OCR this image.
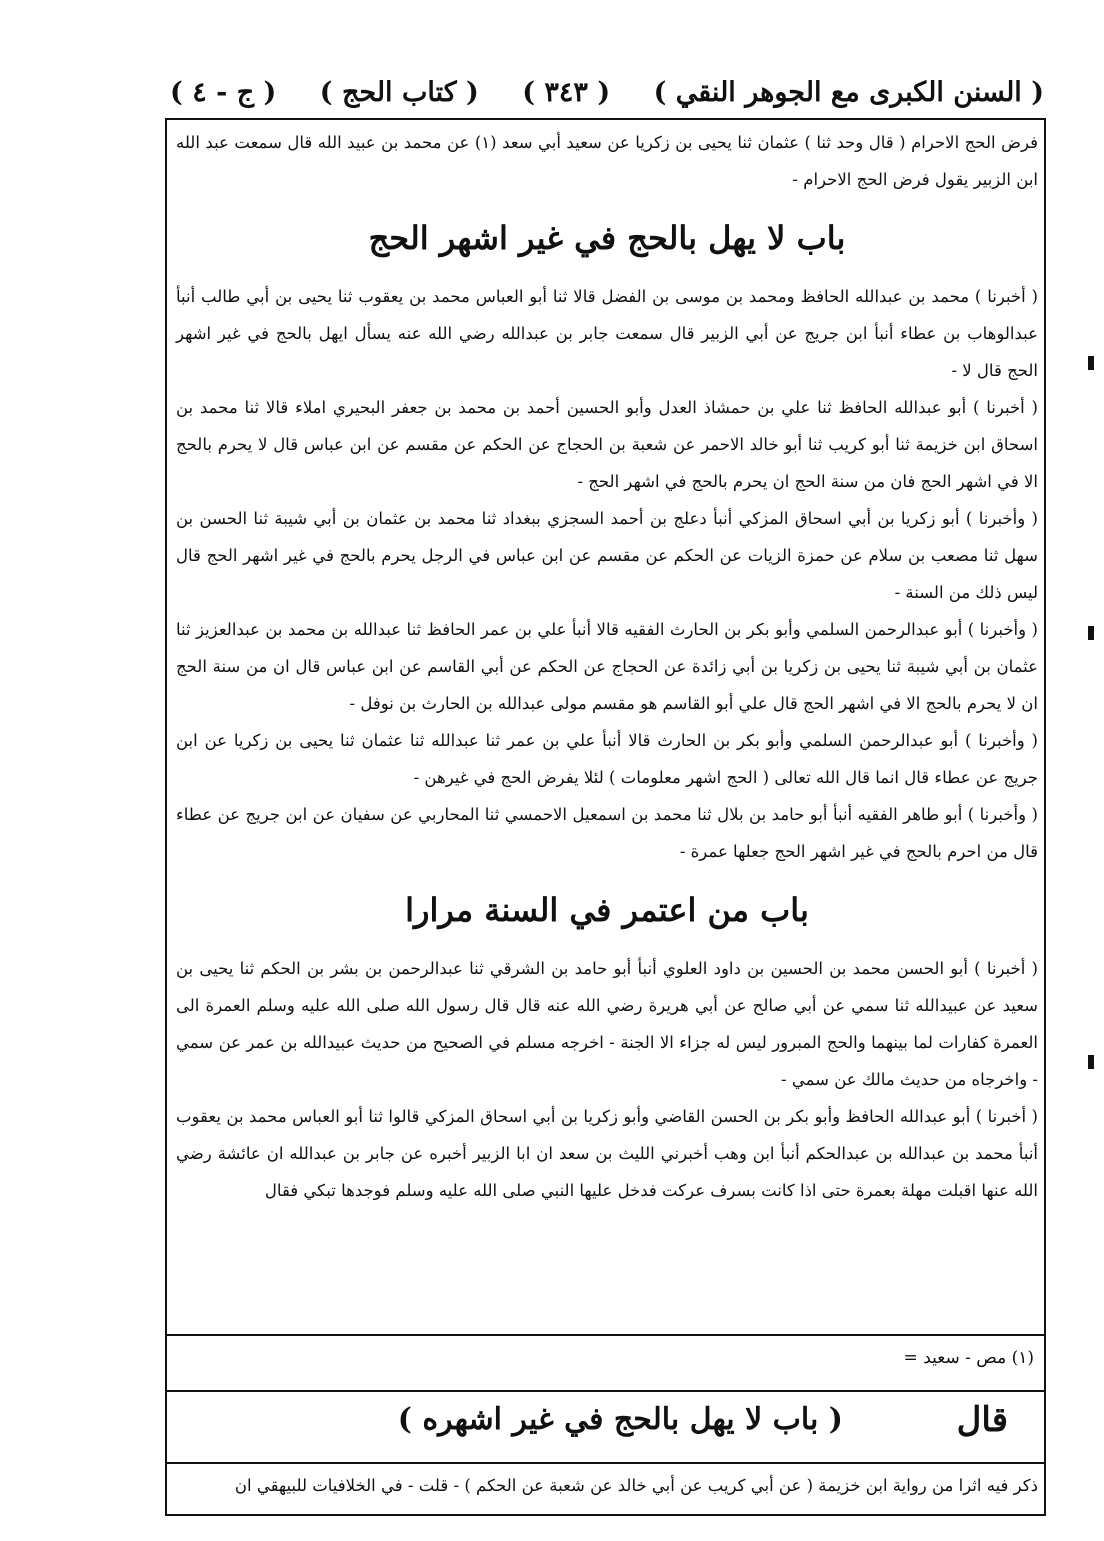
( السنن الكبرى مع الجوهر النقي )
( ٣٤٣ )
( كتاب الحج )
( ج - ٤ )

فرض الحج الاحرام ( قال وحد ثنا ) عثمان ثنا يحيى بن زكريا عن سعيد أبي سعد (١) عن محمد بن عبيد الله قال سمعت عبد الله ابن الزبير يقول فرض الحج الاحرام -

باب لا يهل بالحج في غير اشهر الحج

( أخبرنا ) محمد بن عبدالله الحافظ ومحمد بن موسى بن الفضل قالا ثنا أبو العباس محمد بن يعقوب ثنا يحيى بن أبي طالب أنبأ عبدالوهاب بن عطاء أنبأ ابن جريج عن أبي الزبير قال سمعت جابر بن عبدالله رضي الله عنه يسأل ايهل بالحج في غير اشهر الحج قال لا -

( أخبرنا ) أبو عبدالله الحافظ ثنا علي بن حمشاذ العدل وأبو الحسين أحمد بن محمد بن جعفر البحيري املاء قالا ثنا محمد بن اسحاق ابن خزيمة ثنا أبو كريب ثنا أبو خالد الاحمر عن شعبة بن الحجاج عن الحكم عن مقسم عن ابن عباس قال لا يحرم بالحج الا في اشهر الحج فان من سنة الحج ان يحرم بالحج في اشهر الحج -

( وأخبرنا ) أبو زكريا بن أبي اسحاق المزكي أنبأ دعلج بن أحمد السجزي ببغداد ثنا محمد بن عثمان بن أبي شيبة ثنا الحسن بن سهل ثنا مصعب بن سلام عن حمزة الزيات عن الحكم عن مقسم عن ابن عباس في الرجل يحرم بالحج في غير اشهر الحج قال ليس ذلك من السنة -

( وأخبرنا ) أبو عبدالرحمن السلمي وأبو بكر بن الحارث الفقيه قالا أنبأ علي بن عمر الحافظ ثنا عبدالله بن محمد بن عبدالعزيز ثنا عثمان بن أبي شيبة ثنا يحيى بن زكريا بن أبي زائدة عن الحجاج عن الحكم عن أبي القاسم عن ابن عباس قال ان من سنة الحج ان لا يحرم بالحج الا في اشهر الحج قال علي أبو القاسم هو مقسم مولى عبدالله بن الحارث بن نوفل -

( وأخبرنا ) أبو عبدالرحمن السلمي وأبو بكر بن الحارث قالا أنبأ علي بن عمر ثنا عبدالله ثنا عثمان ثنا يحيى بن زكريا عن ابن جريج عن عطاء قال انما قال الله تعالى ( الحج اشهر معلومات ) لئلا يفرض الحج في غيرهن -

( وأخبرنا ) أبو طاهر الفقيه أنبأ أبو حامد بن بلال ثنا محمد بن اسمعيل الاحمسي ثنا المحاربي عن سفيان عن ابن جريج عن عطاء قال من احرم بالحج في غير اشهر الحج جعلها عمرة -

باب من اعتمر في السنة مرارا

( أخبرنا ) أبو الحسن محمد بن الحسين بن داود العلوي أنبأ أبو حامد بن الشرقي ثنا عبدالرحمن بن بشر بن الحكم ثنا يحيى بن سعيد عن عبيدالله ثنا سمي عن أبي صالح عن أبي هريرة رضي الله عنه قال قال رسول الله صلى الله عليه وسلم العمرة الى العمرة كفارات لما بينهما والحج المبرور ليس له جزاء الا الجنة - اخرجه مسلم في الصحيح من حديث عبيدالله بن عمر عن سمي - واخرجاه من حديث مالك عن سمي -

( أخبرنا ) أبو عبدالله الحافظ وأبو بكر بن الحسن القاضي وأبو زكريا بن أبي اسحاق المزكي قالوا ثنا أبو العباس محمد بن يعقوب أنبأ محمد بن عبدالله بن عبدالحكم أنبأ ابن وهب أخبرني الليث بن سعد ان ابا الزبير أخبره عن جابر بن عبدالله ان عائشة رضي الله عنها اقبلت مهلة بعمرة حتى اذا كانت بسرف عركت فدخل عليها النبي صلى الله عليه وسلم فوجدها تبكي فقال

(١) مص - سعيد =
قال
( باب لا يهل بالحج في غير اشهره )
ذكر فيه اثرا من رواية ابن خزيمة ( عن أبي كريب عن أبي خالد عن شعبة عن الحكم ) - قلت - في الخلافيات للبيهقي ان
